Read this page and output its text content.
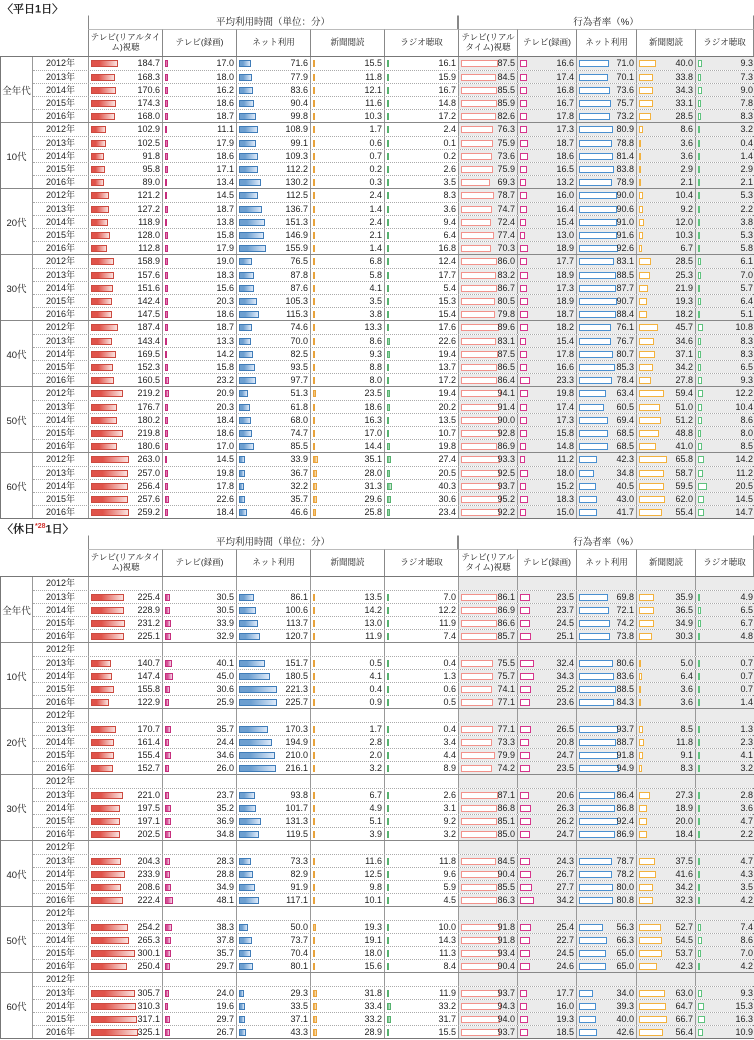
〈平日1日〉
平均利用時間（単位：分）	行為者率（%）
テレビ(リアルタイム)視聴	テレビ(録画)	ネット利用	新聞閲読	ラジオ聴取	テレビ(リアルタイム)視聴	テレビ(録画)	ネット利用	新聞閲読	ラジオ聴取
全年代
2012年	184.7	17.0	71.6	15.5	16.1	87.5	16.6	71.0	40.0	9.3
2013年	168.3	18.0	77.9	11.8	15.9	84.5	17.4	70.1	33.8	7.3
2014年	170.6	16.2	83.6	12.1	16.7	85.5	16.8	73.6	34.3	9.0
2015年	174.3	18.6	90.4	11.6	14.8	85.9	16.7	75.7	33.1	7.8
2016年	168.0	18.7	99.8	10.3	17.2	82.6	17.8	73.2	28.5	8.3
10代
2012年	102.9	11.1	108.9	1.7	2.4	76.3	17.3	80.9	8.6	3.2
2013年	102.5	17.9	99.1	0.6	0.1	75.9	18.7	78.8	3.6	0.4
2014年	91.8	18.6	109.3	0.7	0.2	73.6	18.6	81.4	3.6	1.4
2015年	95.8	17.1	112.2	0.2	2.6	75.9	16.5	83.8	2.9	2.9
2016年	89.0	13.4	130.2	0.3	3.5	69.3	13.2	78.9	2.1	2.1
20代
2012年	121.2	14.5	112.5	2.4	8.3	78.7	16.0	90.0	10.4	5.3
2013年	127.2	18.7	136.7	1.4	3.6	74.7	16.4	90.6	9.2	2.2
2014年	118.9	13.8	151.3	2.4	9.4	72.4	15.4	91.0	12.0	3.8
2015年	128.0	15.8	146.9	2.1	6.4	77.4	13.0	91.6	10.3	5.3
2016年	112.8	17.9	155.9	1.4	16.8	70.3	18.9	92.6	6.7	5.8
30代
2012年	158.9	19.0	76.5	6.8	12.4	86.0	17.7	83.1	28.5	6.1
2013年	157.6	18.3	87.8	5.8	17.7	83.2	18.9	88.5	25.3	7.0
2014年	151.6	15.6	87.6	4.1	5.4	86.7	17.3	87.7	21.9	5.7
2015年	142.4	20.3	105.3	3.5	15.3	80.5	18.9	90.7	19.3	6.4
2016年	147.5	18.6	115.3	3.8	15.4	79.8	18.7	88.4	18.2	5.1
40代
2012年	187.4	18.7	74.6	13.3	17.6	89.6	18.2	76.1	45.7	10.8
2013年	143.4	13.3	70.0	8.6	22.6	83.1	15.4	76.7	34.6	8.3
2014年	169.5	14.2	82.5	9.3	19.4	87.5	17.8	80.7	37.1	8.3
2015年	152.3	15.8	93.5	8.8	13.7	86.5	16.6	85.3	34.2	6.5
2016年	160.5	23.2	97.7	8.0	17.2	86.4	23.3	78.4	27.8	9.3
50代
2012年	219.2	20.9	51.3	23.5	19.4	94.1	19.8	63.4	59.4	12.2
2013年	176.7	20.3	61.8	18.6	20.2	91.4	17.4	60.5	51.0	10.4
2014年	180.2	18.4	68.0	16.3	13.5	90.0	17.3	69.4	51.2	8.6
2015年	219.8	18.6	74.7	17.0	10.7	92.8	15.8	68.5	48.8	8.0
2016年	180.6	17.0	85.5	14.4	19.8	86.9	14.8	68.5	41.0	8.5
60代
2012年	263.0	14.5	33.9	35.1	27.4	93.3	11.2	42.3	65.8	14.2
2013年	257.0	19.8	36.7	28.0	20.5	92.5	18.0	34.8	58.7	11.2
2014年	256.4	17.8	32.2	31.3	40.3	93.7	15.2	40.5	59.5	20.5
2015年	257.6	22.6	35.7	29.6	30.6	95.2	18.3	43.0	62.0	14.5
2016年	259.2	18.4	46.6	25.8	23.4	92.2	15.0	41.7	55.4	14.7
〈休日$^{*28}$1日〉
平均利用時間（単位：分）	行為者率（%）
テレビ(リアルタイム)視聴	テレビ(録画)	ネット利用	新聞閲読	ラジオ聴取	テレビ(リアルタイム)視聴	テレビ(録画)	ネット利用	新聞閲読	ラジオ聴取
全年代
2012年
2013年	225.4	30.5	86.1	13.5	7.0	86.1	23.5	69.8	35.9	4.9
2014年	228.9	30.5	100.6	14.2	12.2	86.9	23.7	72.1	36.5	6.5
2015年	231.2	33.9	113.7	13.0	11.9	86.6	24.5	74.2	34.9	6.7
2016年	225.1	32.9	120.7	11.9	7.4	85.7	25.1	73.8	30.3	4.8
10代
2012年
2013年	140.7	40.1	151.7	0.5	0.4	75.5	32.4	80.6	5.0	0.7
2014年	147.4	45.0	180.5	4.1	1.3	75.7	34.3	83.6	6.4	0.7
2015年	155.8	30.6	221.3	0.4	0.6	74.1	25.2	88.5	3.6	0.7
2016年	122.9	25.9	225.7	0.9	0.5	77.1	23.6	84.3	3.6	1.4
20代
2012年
2013年	170.7	35.7	170.3	1.7	0.4	77.1	26.5	93.7	8.5	1.3
2014年	161.4	24.4	194.9	2.8	3.4	73.3	20.8	88.7	11.8	2.3
2015年	155.4	34.6	210.0	2.0	4.4	79.9	24.7	91.8	9.1	4.1
2016年	152.7	26.0	216.1	3.2	8.9	74.2	23.5	94.9	8.3	3.2
30代
2012年
2013年	221.0	23.7	93.8	6.7	2.6	87.1	20.6	86.4	27.3	2.8
2014年	197.5	35.2	101.7	4.9	3.1	86.8	26.3	86.8	18.9	3.6
2015年	197.1	36.9	131.3	5.1	9.2	85.1	26.2	92.4	20.0	4.7
2016年	202.5	34.8	119.5	3.9	3.2	85.0	24.7	86.9	18.4	2.2
40代
2012年
2013年	204.3	28.3	73.3	11.6	11.8	84.5	24.3	78.7	37.5	4.7
2014年	233.9	28.8	82.9	12.5	9.6	90.4	26.7	78.2	41.6	4.3
2015年	208.6	34.9	91.9	9.8	5.9	85.5	27.7	80.0	34.2	3.5
2016年	222.4	48.1	117.1	10.1	4.5	86.3	34.2	80.8	32.3	4.2
50代
2012年
2013年	254.2	38.3	50.0	19.3	10.0	91.8	25.4	56.3	52.7	7.4
2014年	265.3	37.8	73.7	19.1	14.3	91.8	22.7	66.3	54.5	8.6
2015年	300.1	35.7	70.4	18.0	11.3	93.4	24.5	65.0	53.7	7.0
2016年	250.4	29.7	80.1	15.6	8.4	90.4	24.6	65.0	42.3	4.2
60代
2012年
2013年	305.7	24.0	29.3	31.8	11.9	93.7	17.7	34.0	63.0	9.3
2014年	310.3	19.6	33.5	33.4	33.2	94.3	16.0	39.3	64.7	15.3
2015年	317.1	29.7	37.1	33.2	31.7	94.0	19.3	40.0	66.7	16.3
2016年	325.1	26.7	43.3	28.9	15.5	93.7	18.5	42.6	56.4	10.9
